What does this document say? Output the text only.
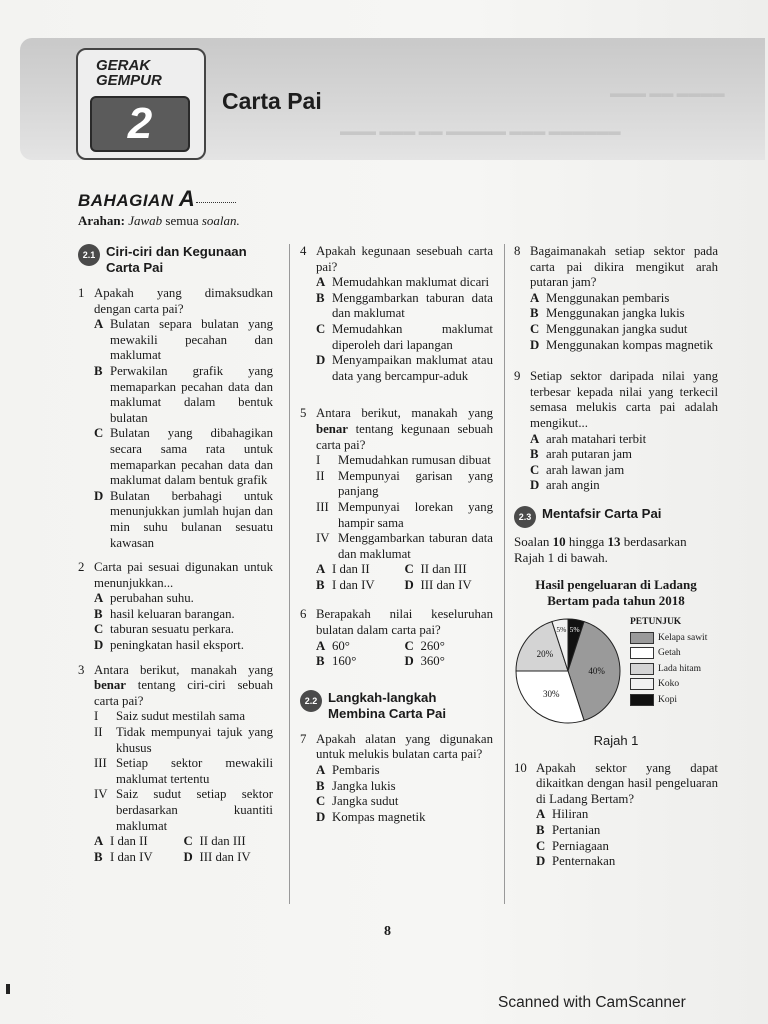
▬▬▬ ▬▬ ▬▬▬▬
▬▬▬ ▬▬▬ ▬▬ ▬▬▬▬▬ ▬▬▬ ▬▬▬▬▬▬
GERAK
GEMPUR
2	Carta Pai
BAHAGIAN A
Arahan: Jawab semua soalan.
2.1 Ciri-ciri dan Kegunaan Carta Pai
1 Apakah yang dimaksudkan dengan carta pai?
A Bulatan separa bulatan yang mewakili pecahan dan maklumat
B Perwakilan grafik yang memaparkan pecahan data dan maklumat dalam bentuk bulatan
C Bulatan yang dibahagikan secara sama rata untuk memaparkan pecahan data dan maklumat dalam bentuk grafik
D Bulatan berbahagi untuk menunjukkan jumlah hujan dan min suhu bulanan sesuatu kawasan
2 Carta pai sesuai digunakan untuk menunjukkan...
A perubahan suhu.
B hasil keluaran barangan.
C taburan sesuatu perkara.
D peningkatan hasil eksport.
3 Antara berikut, manakah yang benar tentang ciri-ciri sebuah carta pai?
I	Saiz sudut mestilah sama
II	Tidak mempunyai tajuk yang khusus
III Setiap sektor mewakili maklumat tertentu
IV Saiz sudut setiap sektor berdasarkan kuantiti maklumat
A I dan II	C II dan III
B I dan IV D III dan IV
4 Apakah kegunaan sesebuah carta pai?
A Memudahkan maklumat dicari
B Menggambarkan taburan data dan maklumat
C Memudahkan maklumat diperoleh dari lapangan
D Menyampaikan maklumat atau data yang bercampur-aduk
5 Antara berikut, manakah yang benar tentang kegunaan sebuah carta pai?
I	Memudahkan rumusan dibuat
II	Mempunyai garisan yang panjang
III Mempunyai lorekan yang hampir sama
IV Menggambarkan taburan data dan maklumat
A I dan II	C II dan III
B I dan IV D III dan IV
6 Berapakah nilai keseluruhan bulatan dalam carta pai?
A 60°	C 260°
B 160°	D 360°
2.2 Langkah-langkah Membina Carta Pai
7 Apakah alatan yang digunakan untuk melukis bulatan carta pai?
A Pembaris
B Jangka lukis
C Jangka sudut
D Kompas magnetik
8 Bagaimanakah setiap sektor pada carta pai dikira mengikut arah putaran jam?
A Menggunakan pembaris
B Menggunakan jangka lukis
C Menggunakan jangka sudut
D Menggunakan kompas magnetik
9 Setiap sektor daripada nilai yang terbesar kepada nilai yang terkecil semasa melukis carta pai adalah mengikut...
A arah matahari terbit
B arah putaran jam
C arah lawan jam
D arah angin
2.3 Mentafsir Carta Pai
Soalan 10 hingga 13 berdasarkan Rajah 1 di bawah.
Hasil pengeluaran di Ladang Bertam pada tahun 2018
5%
40%
30%
20%
5%
PETUNJUK
Kelapa sawit
Getah
Lada hitam
Koko
Kopi
Rajah 1
10 Apakah sektor yang dapat dikaitkan dengan hasil pengeluaran di Ladang Bertam?
A Hiliran
B Pertanian
C Perniagaan
D Penternakan
8
Scanned with CamScanner
